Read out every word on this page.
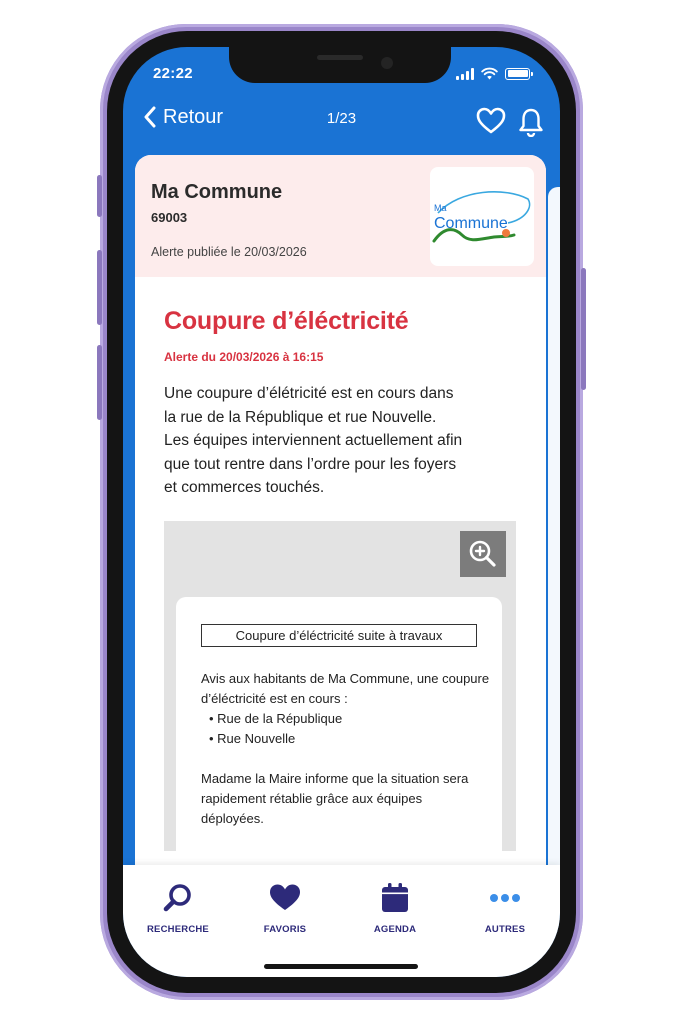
22:22
Retour	1/23
Ma Commune
69003
Alerte publiée le 20/03/2026
Ma
Commune
Coupure d’éléctricité
Alerte du 20/03/2026 à 16:15

Une coupure d’élétricité est en cours dans la rue de la République et rue Nouvelle. Les équipes interviennent actuellement afin que tout rentre dans l’ordre pour les foyers et commerces touchés.

Coupure d’éléctricité suite à travaux

Avis aux habitants de Ma Commune, une coupure d’éléctricité est en cours :

• Rue de la République
• Rue Nouvelle

Madame la Maire informe que la situation sera rapidement rétablie grâce aux équipes déployées.

RECHERCHE	FAVORIS	AGENDA	AUTRES
